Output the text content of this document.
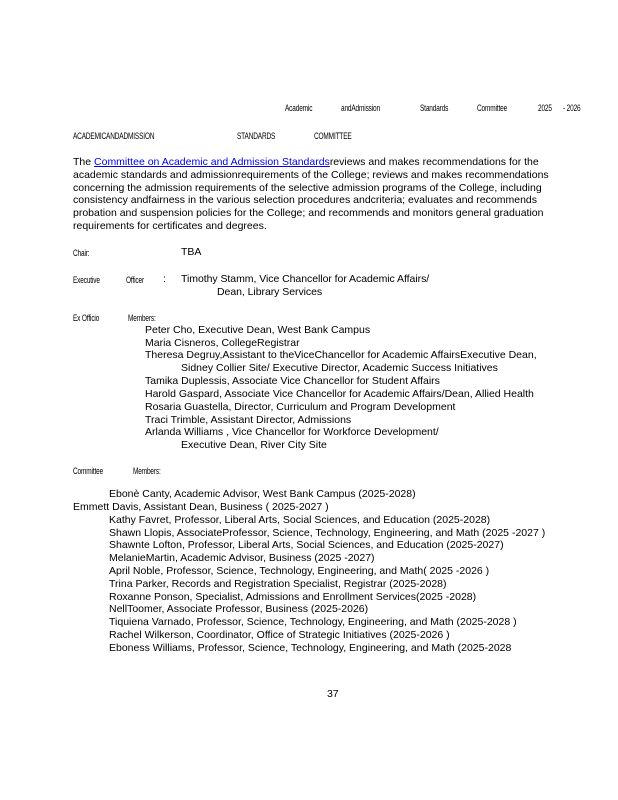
Academic	andAdmission	Standards	Committee	2025 - 2026
ACADEMICANDADMISSION	STANDARDS	COMMITTEE
The Committee on Academic and Admission Standardsreviews and makes recommendations for the academic standards and admissionrequirements of the College; reviews and makes recommendations concerning the admission requirements of the selective admission programs of the College, including consistency andfairness in the various selection procedures andcriteria; evaluates and recommends probation and suspension policies for the College; and recommends and monitors general graduation requirements for certificates and degrees.
Chair:	TBA
Executive	Officer : Timothy Stamm, Vice Chancellor for Academic Affairs/
Dean, Library Services
Ex Officio	Members:
Peter Cho, Executive Dean, West Bank Campus
Maria Cisneros, CollegeRegistrar
Theresa Degruy,Assistant to theViceChancellor for Academic AffairsExecutive Dean,
Sidney Collier Site/ Executive Director, Academic Success Initiatives
Tamika Duplessis, Associate Vice Chancellor for Student Affairs
Harold Gaspard, Associate Vice Chancellor for Academic Affairs/Dean, Allied Health
Rosaria Guastella, Director, Curriculum and Program Development
Traci Trimble, Assistant Director, Admissions
Arlanda Williams , Vice Chancellor for Workforce Development/
Executive Dean, River City Site
Committee	Members:
Ebonè Canty, Academic Advisor, West Bank Campus (2025-2028)
Emmett Davis, Assistant Dean, Business ( 2025-2027 )
Kathy Favret, Professor, Liberal Arts, Social Sciences, and Education (2025-2028)
Shawn Llopis, AssociateProfessor, Science, Technology, Engineering, and Math (2025 -2027 )
Shawnte Lofton, Professor, Liberal Arts, Social Sciences, and Education (2025-2027)
MelanieMartin, Academic Advisor, Business (2025 -2027)
April Noble, Professor, Science, Technology, Engineering, and Math( 2025 -2026 )
Trina Parker, Records and Registration Specialist, Registrar (2025-2028)
Roxanne Ponson, Specialist, Admissions and Enrollment Services(2025 -2028)
NellToomer, Associate Professor, Business (2025-2026)
Tiquiena Varnado, Professor, Science, Technology, Engineering, and Math (2025-2028 )
Rachel Wilkerson, Coordinator, Office of Strategic Initiatives (2025-2026 )
Eboness Williams, Professor, Science, Technology, Engineering, and Math (2025-2028
37
